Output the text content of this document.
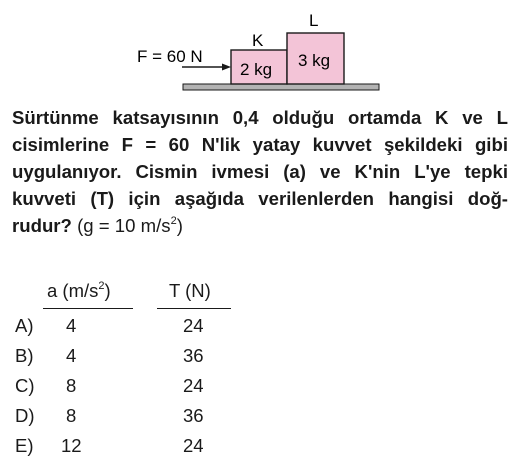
F = 60 N
K
L
2 kg 3 kg
Sürtünme katsayısının 0,4 olduğu ortamda K ve L
cisimlerine F = 60 N'lik yatay kuvvet şekildeki gibi
uygulanıyor. Cismin ivmesi (a) ve K'nin L'ye tepki
kuvveti (T) için aşağıda verilenlerden hangisi doğ-
rudur? (g = 10 $m/s^2$)
a $(m/s^2)$	T (N)
A) 4	24
B) 4	36
C) 8	24
D) 8	36
E) 12	24
